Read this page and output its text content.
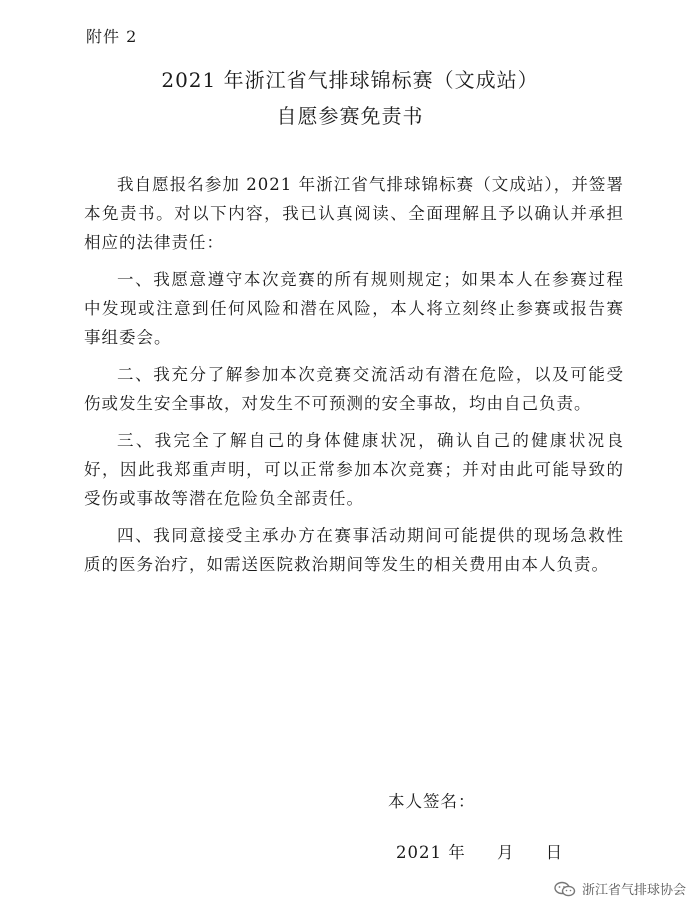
附件 2
2021 年浙江省气排球锦标赛（文成站）
自愿参赛免责书

我自愿报名参加 2021 年浙江省气排球锦标赛（文成站），并签署本免责书。对以下内容，我已认真阅读、全面理解且予以确认并承担相应的法律责任：

一、我愿意遵守本次竞赛的所有规则规定；如果本人在参赛过程中发现或注意到任何风险和潜在风险，本人将立刻终止参赛或报告赛事组委会。

二、我充分了解参加本次竞赛交流活动有潜在危险，以及可能受伤或发生安全事故，对发生不可预测的安全事故，均由自己负责。

三、我完全了解自己的身体健康状况，确认自己的健康状况良好，因此我郑重声明，可以正常参加本次竞赛；并对由此可能导致的受伤或事故等潜在危险负全部责任。

四、我同意接受主承办方在赛事活动期间可能提供的现场急救性质的医务治疗，如需送医院救治期间等发生的相关费用由本人负责。

本人签名：
2021 年     月     日
浙江省气排球协会
